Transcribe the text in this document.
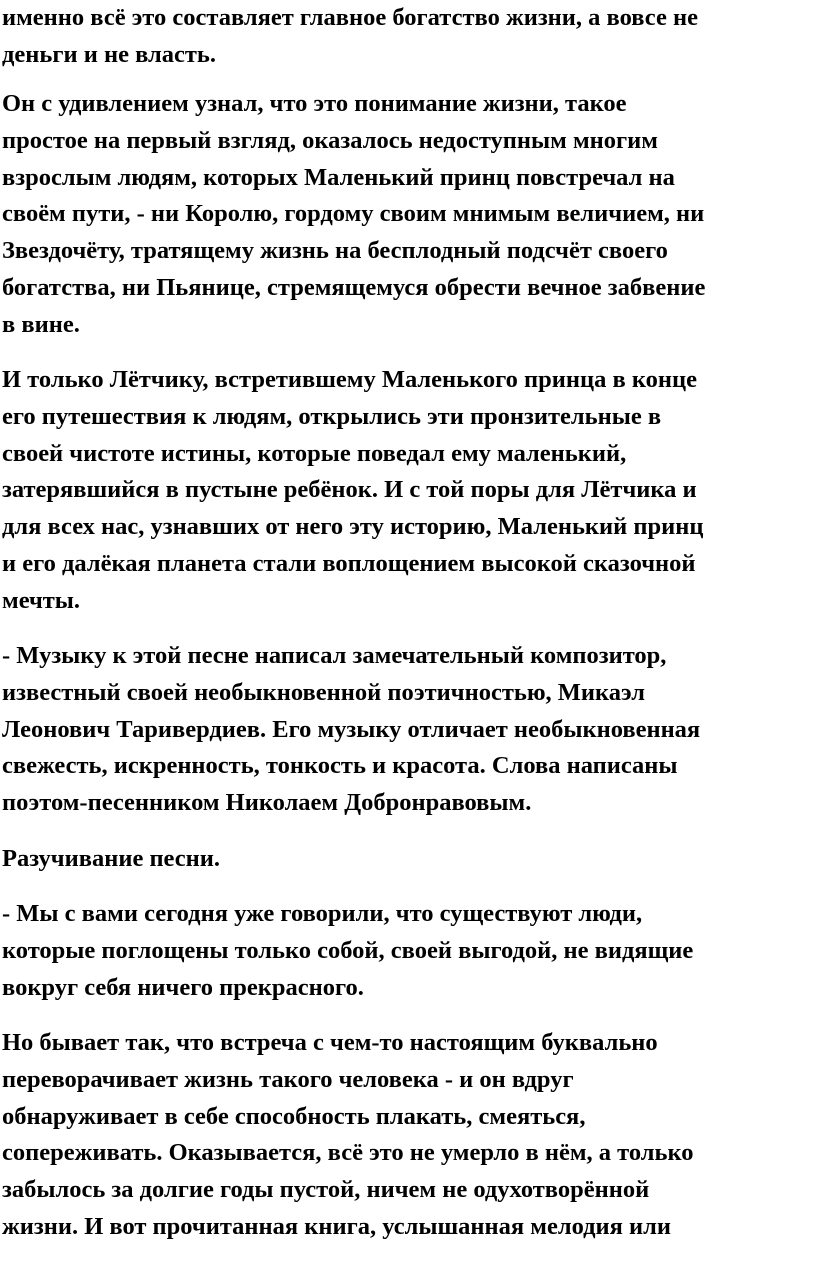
именно всё это составляет главное богатство жизни, а вовсе не
деньги и не власть.

Он с удивлением узнал, что это понимание жизни, такое
простое на первый взгляд, оказалось недоступным многим
взрослым людям, которых Маленький принц повстречал на
своём пути, - ни Королю, гордому своим мнимым величием, ни
Звездочёту, тратящему жизнь на бесплодный подсчёт своего
богатства, ни Пьянице, стремящемуся обрести вечное забвение
в вине.

И только Лётчику, встретившему Маленького принца в конце
его путешествия к людям, открылись эти пронзительные в
своей чистоте истины, которые поведал ему маленький,
затерявшийся в пустыне ребёнок. И с той поры для Лётчика и
для всех нас, узнавших от него эту историю, Маленький принц
и его далёкая планета стали воплощением высокой сказочной
мечты.

- Музыку к этой песне написал замечательный композитор,
известный своей необыкновенной поэтичностью, Микаэл
Леонович Таривердиев. Его музыку отличает необыкновенная
свежесть, искренность, тонкость и красота. Слова написаны
поэтом-песенником Николаем Добронравовым.

Разучивание песни.

- Мы с вами сегодня уже говорили, что существуют люди,
которые поглощены только собой, своей выгодой, не видящие
вокруг себя ничего прекрасного.

Но бывает так, что встреча с чем-то настоящим буквально
переворачивает жизнь такого человека - и он вдруг
обнаруживает в себе способность плакать, смеяться,
сопереживать. Оказывается, всё это не умерло в нём, а только
забылось за долгие годы пустой, ничем не одухотворённой
жизни. И вот прочитанная книга, услышанная мелодия или
